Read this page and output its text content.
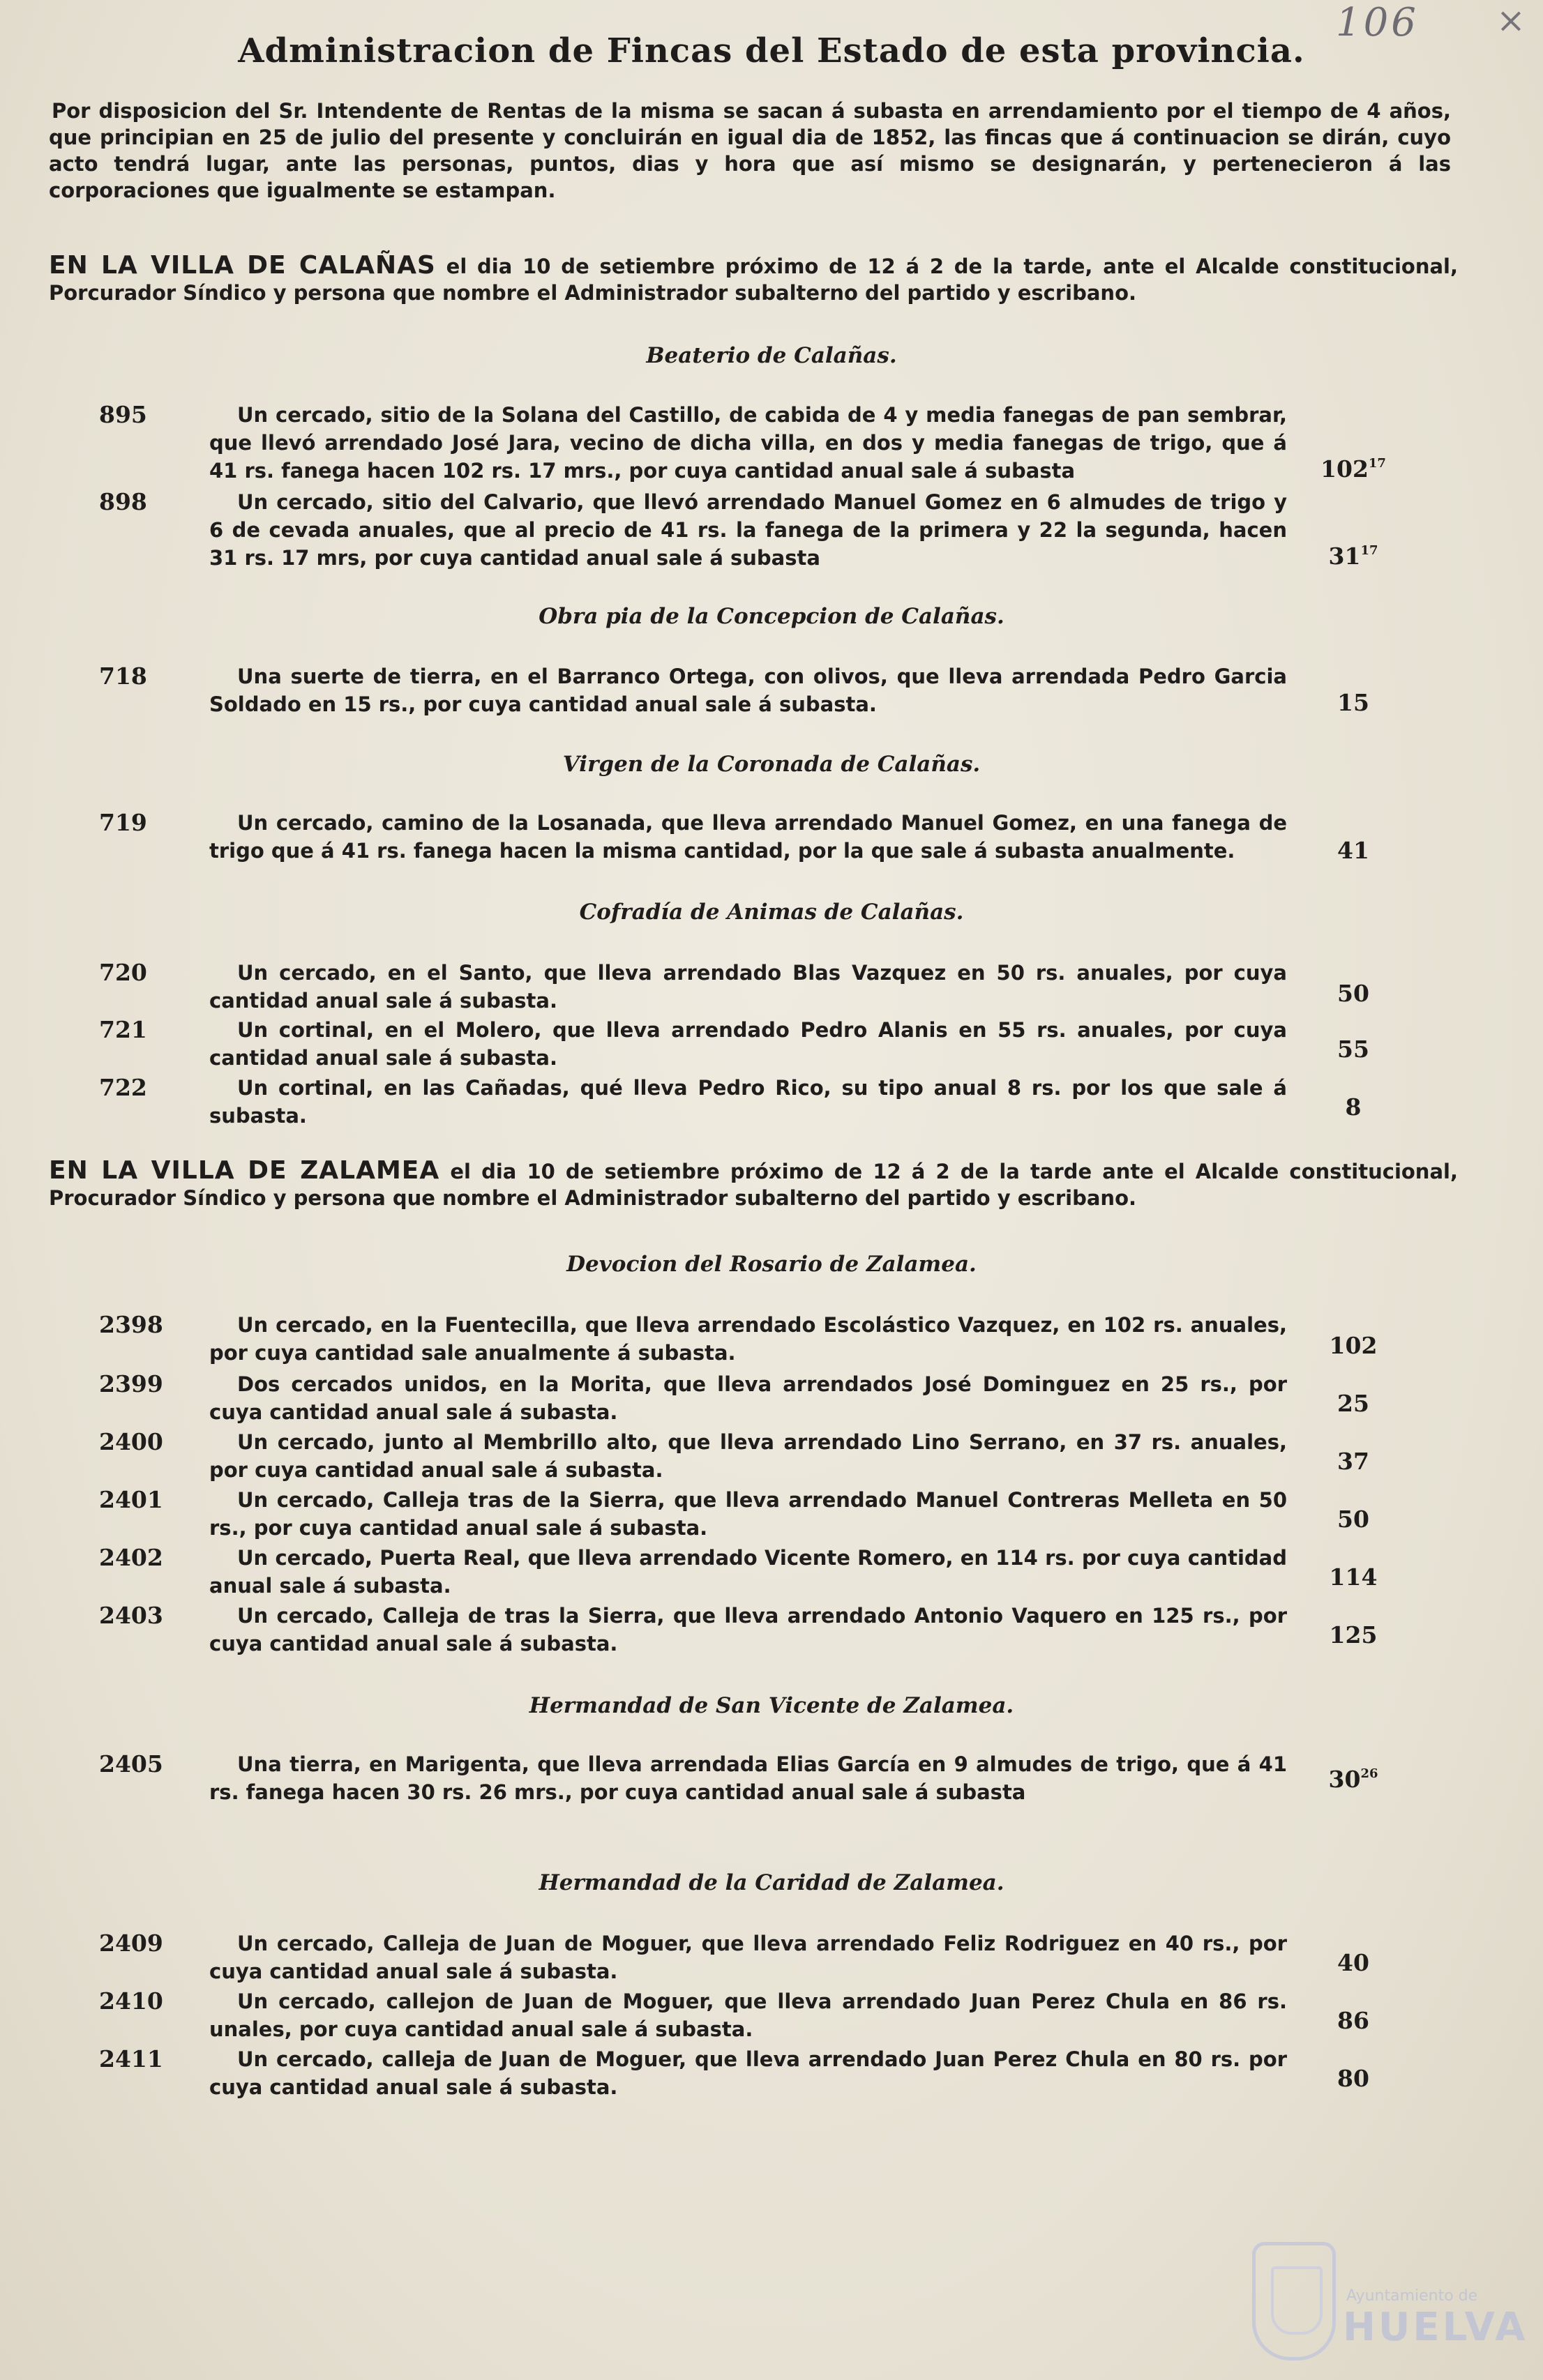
106 ×
Administracion de Fincas del Estado de esta provincia.
Por disposicion del Sr. Intendente de Rentas de la misma se sacan á subasta en arrendamiento por el tiempo de 4 años, que principian en 25 de julio del presente y concluirán en igual dia de 1852, las fincas que á continuacion se dirán, cuyo acto tendrá lugar, ante las personas, puntos, dias y hora que así mismo se designarán, y pertenecieron á las corporaciones que igualmente se estampan.
EN LA VILLA DE CALAÑAS el dia 10 de setiembre próximo de 12 á 2 de la tarde, ante el Alcalde constitucional, Porcurador Síndico y persona que nombre el Administrador subalterno del partido y escribano.
Beaterio de Calañas.
895	Un cercado, sitio de la Solana del Castillo, de cabida de 4 y media fanegas de pan sembrar, que llevó arrendado José Jara, vecino de dicha villa, en dos y media fanegas de trigo, que á 41 rs. fanega hacen 102 rs. 17 mrs., por cuya cantidad anual sale á subasta	$102^{17}$
898	Un cercado, sitio del Calvario, que llevó arrendado Manuel Gomez en 6 almudes de trigo y 6 de cevada anuales, que al precio de 41 rs. la fanega de la primera y 22 la segunda, hacen 31 rs. 17 mrs, por cuya cantidad anual sale á subasta	$31^{17}$
Obra pia de la Concepcion de Calañas.
718	Una suerte de tierra, en el Barranco Ortega, con olivos, que lleva arrendada Pedro Garcia Soldado en 15 rs., por cuya cantidad anual sale á subasta.	15
Virgen de la Coronada de Calañas.
719	Un cercado, camino de la Losanada, que lleva arrendado Manuel Gomez, en una fanega de trigo que á 41 rs. fanega hacen la misma cantidad, por la que sale á subasta anualmente.	41
Cofradía de Animas de Calañas.
720	Un cercado, en el Santo, que lleva arrendado Blas Vazquez en 50 rs. anuales, por cuya cantidad anual sale á subasta.	50
721	Un cortinal, en el Molero, que lleva arrendado Pedro Alanis en 55 rs. anuales, por cuya cantidad anual sale á subasta.	55
722	Un cortinal, en las Cañadas, qué lleva Pedro Rico, su tipo anual 8 rs. por los que sale á subasta.	8
EN LA VILLA DE ZALAMEA el dia 10 de setiembre próximo de 12 á 2 de la tarde ante el Alcalde constitucional, Procurador Síndico y persona que nombre el Administrador subalterno del partido y escribano.
Devocion del Rosario de Zalamea.
2398	Un cercado, en la Fuentecilla, que lleva arrendado Escolástico Vazquez, en 102 rs. anuales, por cuya cantidad sale anualmente á subasta.	102
2399	Dos cercados unidos, en la Morita, que lleva arrendados José Dominguez en 25 rs., por cuya cantidad anual sale á subasta.	25
2400	Un cercado, junto al Membrillo alto, que lleva arrendado Lino Serrano, en 37 rs. anuales, por cuya cantidad anual sale á subasta.	37
2401	Un cercado, Calleja tras de la Sierra, que lleva arrendado Manuel Contreras Melleta en 50 rs., por cuya cantidad anual sale á subasta.	50
2402	Un cercado, Puerta Real, que lleva arrendado Vicente Romero, en 114 rs. por cuya cantidad anual sale á subasta.	114
2403	Un cercado, Calleja de tras la Sierra, que lleva arrendado Antonio Vaquero en 125 rs., por cuya cantidad anual sale á subasta.	125
Hermandad de San Vicente de Zalamea.
2405	Una tierra, en Marigenta, que lleva arrendada Elias García en 9 almudes de trigo, que á 41 rs. fanega hacen 30 rs. 26 mrs., por cuya cantidad anual sale á subasta	$30^{26}$
Hermandad de la Caridad de Zalamea.
2409	Un cercado, Calleja de Juan de Moguer, que lleva arrendado Feliz Rodriguez en 40 rs., por cuya cantidad anual sale á subasta.	40
2410	Un cercado, callejon de Juan de Moguer, que lleva arrendado Juan Perez Chula en 86 rs. unales, por cuya cantidad anual sale á subasta.	86
2411	Un cercado, calleja de Juan de Moguer, que lleva arrendado Juan Perez Chula en 80 rs. por cuya cantidad anual sale á subasta.	80
Ayuntamiento de
HUELVA
